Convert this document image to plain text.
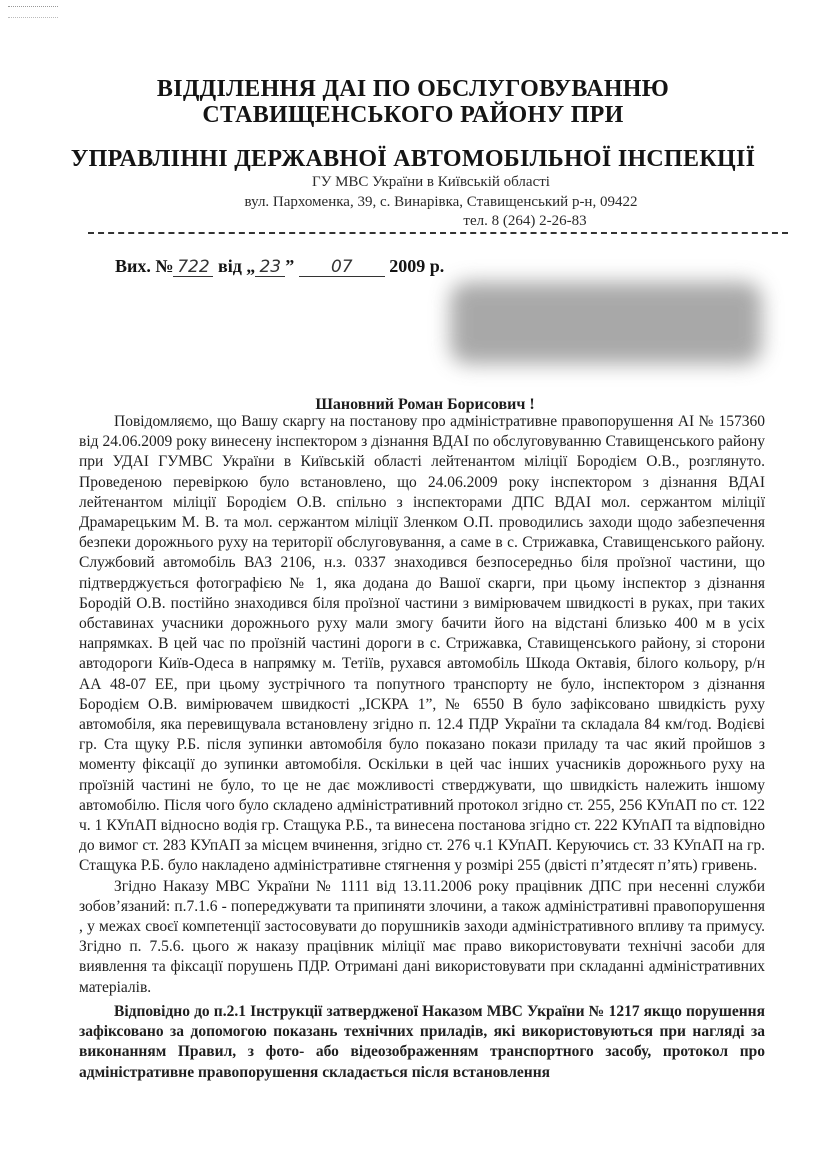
ВІДДІЛЕННЯ ДАІ ПО ОБСЛУГОВУВАННЮ
СТАВИЩЕНСЬКОГО РАЙОНУ ПРИ
УПРАВЛІННІ ДЕРЖАВНОЇ АВТОМОБІЛЬНОЇ ІНСПЕКЦІЇ
ГУ МВС України в Київській області
вул. Пархоменка, 39, с. Винарівка, Ставищенський р-н, 09422
тел. 8 (264) 2-26-83
Вих. № 722 від „ 23 ” 07 2009 р.
Шановний Роман Борисович !

Повідомляємо, що Вашу скаргу на постанову про адміністративне правопорушення АІ № 157360 від 24.06.2009 року винесену інспектором з дізнання ВДАІ по обслуговуванню Ставищенського району при УДАІ ГУМВС України в Київській області лейтенантом міліції Бородієм О.В., розглянуто. Проведеною перевіркою було встановлено, що 24.06.2009 року інспектором з дізнання ВДАІ лейтенантом міліції Бородієм О.В. спільно з інспекторами ДПС ВДАІ мол. сержантом міліції Драмарецьким М. В. та мол. сержантом міліції Зленком О.П. проводились заходи щодо забезпечення безпеки дорожнього руху на території обслуговування, а саме в с. Стрижавка, Ставищенського району. Службовий автомобіль ВАЗ 2106, н.з. 0337 знаходився безпосередньо біля проїзної частини, що підтверджується фотографією № 1, яка додана до Вашої скарги, при цьому інспектор з дізнання Бородій О.В. постійно знаходився біля проїзної частини з вимірювачем швидкості в руках, при таких обставинах учасники дорожнього руху мали змогу бачити його на відстані близько 400 м в усіх напрямках. В цей час по проїзній частині дороги в с. Стрижавка, Ставищенського району, зі сторони автодороги Київ-Одеса в напрямку м. Тетіїв, рухався автомобіль Шкода Октавія, білого кольору, р/н АА 48-07 ЕЕ, при цьому зустрічного та попутного транспорту не було, інспектором з дізнання Бородієм О.В. вимірювачем швидкості „ІСКРА 1”, № 6550 В було зафіксовано швидкість руху автомобіля, яка перевищувала встановлену згідно п. 12.4 ПДР України та складала 84 км/год. Водієві гр. Ста щуку Р.Б. після зупинки автомобіля було показано покази приладу та час який пройшов з моменту фіксації до зупинки автомобіля. Оскільки в цей час інших учасників дорожнього руху на проїзній частині не було, то це не дає можливості стверджувати, що швидкість належить іншому автомобілю. Після чого було складено адміністративний протокол згідно ст. 255, 256 КУпАП по ст. 122 ч. 1 КУпАП відносно водія гр. Стащука Р.Б., та винесена постанова згідно ст. 222 КУпАП та відповідно до вимог ст. 283 КУпАП за місцем вчинення, згідно ст. 276 ч.1 КУпАП. Керуючись ст. 33 КУпАП на гр. Стащука Р.Б. було накладено адміністративне стягнення у розмірі 255 (двісті п’ятдесят п’ять) гривень.

Згідно Наказу МВС України № 1111 від 13.11.2006 року працівник ДПС при несенні служби зобов’язаний: п.7.1.6 - попереджувати та припиняти злочини, а також адміністративні правопорушення , у межах своєї компетенції застосовувати до порушників заходи адміністративного впливу та примусу. Згідно п. 7.5.6. цього ж наказу працівник міліції має право використовувати технічні засоби для виявлення та фіксації порушень ПДР. Отримані дані використовувати при складанні адміністративних матеріалів.

Відповідно до п.2.1 Інструкції затвердженої Наказом МВС України № 1217 якщо порушення зафіксовано за допомогою показань технічних приладів, які використовуються при нагляді за виконанням Правил, з фото- або відеозображенням транспортного засобу, протокол про адміністративне правопорушення складається після встановлення
